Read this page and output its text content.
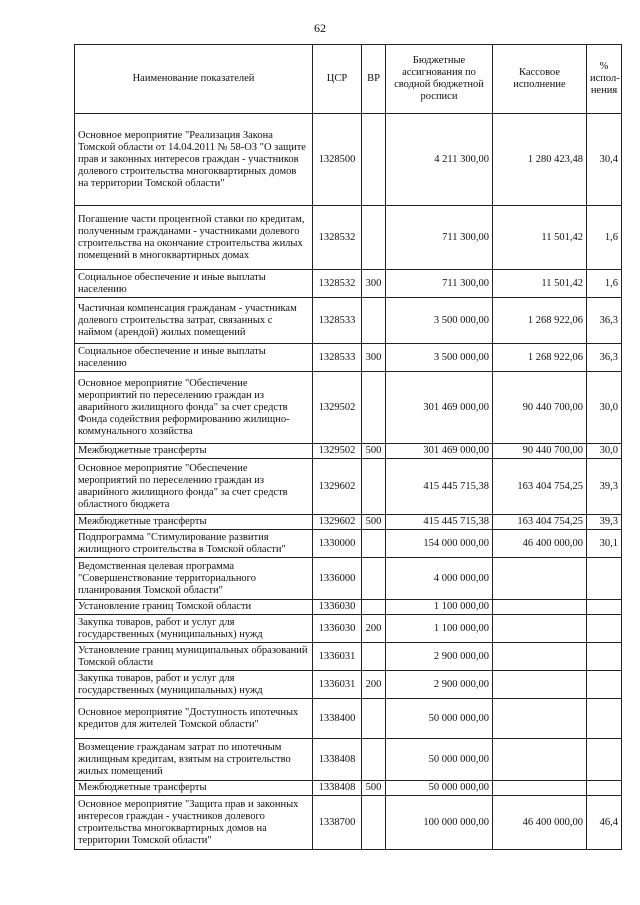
62
Наименование показателей	ЦСР	ВР	Бюджетные ассигнования по сводной бюджетной росписи	Кассовое исполнение	% испол-нения
Основное мероприятие "Реализация Закона Томской области от 14.04.2011 № 58-ОЗ "О защите прав и законных интересов граждан - участников долевого строительства многоквартирных домов на территории Томской области"	1328500		4 211 300,00	1 280 423,48	30,4
Погашение части процентной ставки по кредитам, полученным гражданами - участниками долевого строительства на окончание строительства жилых помещений в многоквартирных домах	1328532		711 300,00	11 501,42	1,6
Социальное обеспечение и иные выплаты населению	1328532	300	711 300,00	11 501,42	1,6
Частичная компенсация гражданам - участникам долевого строительства затрат, связанных с наймом (арендой) жилых помещений	1328533		3 500 000,00	1 268 922,06	36,3
Социальное обеспечение и иные выплаты населению	1328533	300	3 500 000,00	1 268 922,06	36,3
Основное мероприятие "Обеспечение мероприятий по переселению граждан из аварийного жилищного фонда" за счет средств Фонда содействия реформированию жилищно-коммунального хозяйства	1329502		301 469 000,00	90 440 700,00	30,0
Межбюджетные трансферты	1329502	500	301 469 000,00	90 440 700,00	30,0
Основное мероприятие "Обеспечение мероприятий по переселению граждан из аварийного жилищного фонда" за счет средств областного бюджета	1329602		415 445 715,38	163 404 754,25	39,3
Межбюджетные трансферты	1329602	500	415 445 715,38	163 404 754,25	39,3
Подпрограмма "Стимулирование развития жилищного строительства в Томской области"	1330000		154 000 000,00	46 400 000,00	30,1
Ведомственная целевая программа "Совершенствование территориального планирования Томской области"	1336000		4 000 000,00		
Установление границ Томской области	1336030		1 100 000,00		
Закупка товаров, работ и услуг для государственных (муниципальных) нужд	1336030	200	1 100 000,00		
Установление границ муниципальных образований Томской области	1336031		2 900 000,00		
Закупка товаров, работ и услуг для государственных (муниципальных) нужд	1336031	200	2 900 000,00		
Основное мероприятие "Доступность ипотечных кредитов для жителей Томской области"	1338400		50 000 000,00		
Возмещение гражданам затрат по ипотечным жилищным кредитам, взятым на строительство жилых помещений	1338408		50 000 000,00		
Межбюджетные трансферты	1338408	500	50 000 000,00		
Основное мероприятие "Защита прав и законных интересов граждан - участников долевого строительства многоквартирных домов на территории Томской области"	1338700		100 000 000,00	46 400 000,00	46,4
